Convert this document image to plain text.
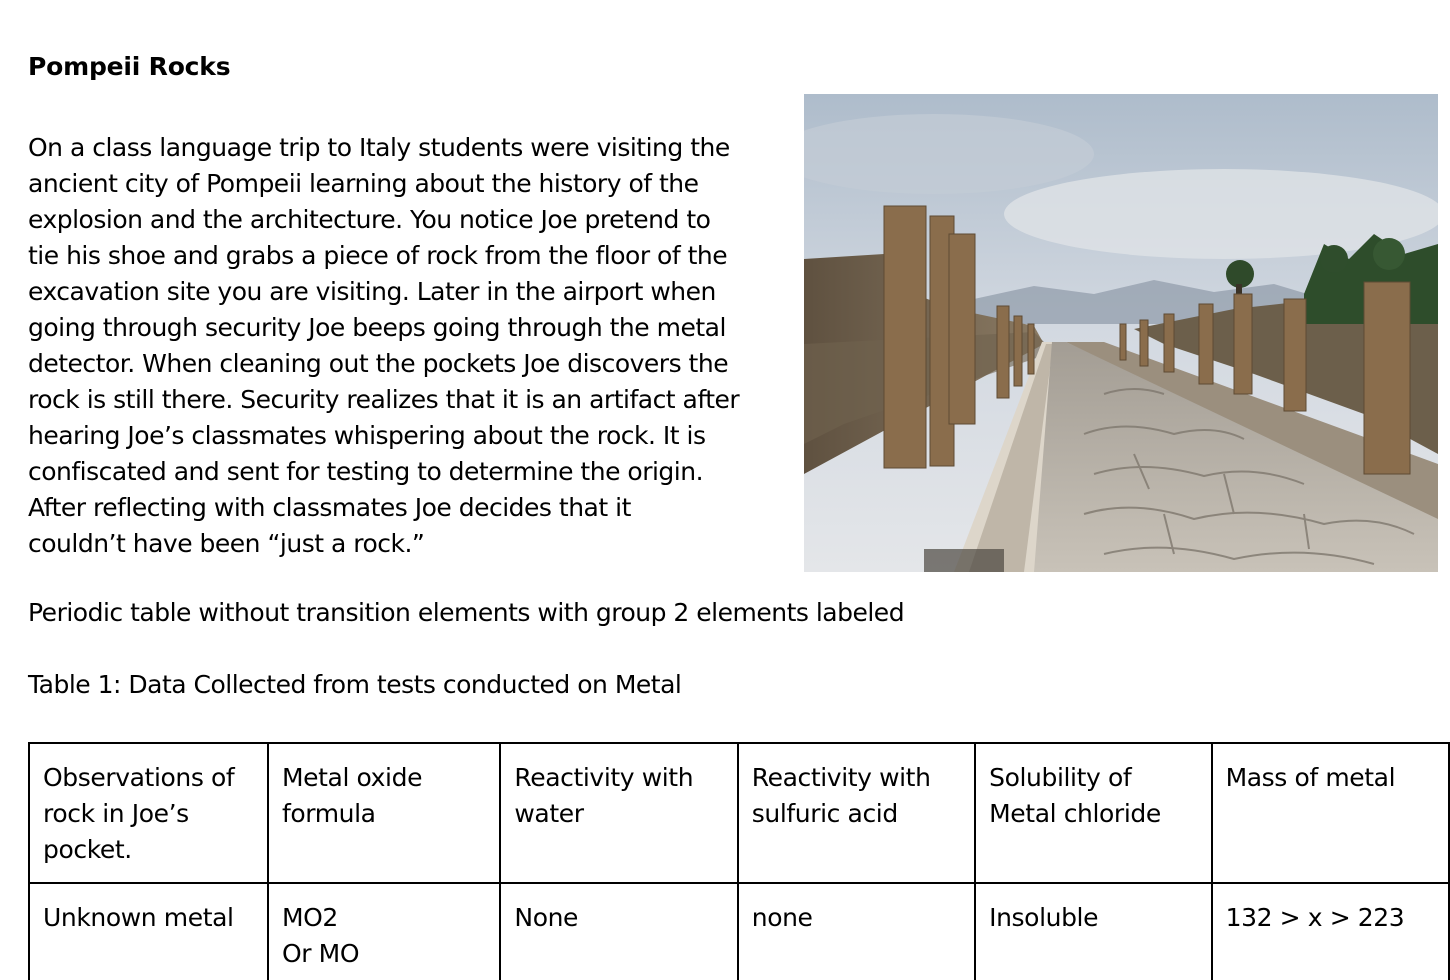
Pompeii Rocks

On a class language trip to Italy students were visiting the
ancient city of Pompeii learning about the history of the
explosion and the architecture. You notice Joe pretend to
tie his shoe and grabs a piece of rock from the floor of the
excavation site you are visiting. Later in the airport when
going through security Joe beeps going through the metal
detector. When cleaning out the pockets Joe discovers the
rock is still there. Security realizes that it is an artifact after
hearing Joe’s classmates whispering about the rock. It is
confiscated and sent for testing to determine the origin.
After reflecting with classmates Joe decides that it
couldn’t have been “just a rock.”

Periodic table without transition elements with group 2 elements labeled

Table 1: Data Collected from tests conducted on Metal

Observations of
rock in Joe’s
pocket.	Metal oxide
formula	Reactivity with
water	Reactivity with
sulfuric acid	Solubility of
Metal chloride	Mass of metal

Unknown metal	MO2
Or MO	None	none	Insoluble	132 > x > 223
